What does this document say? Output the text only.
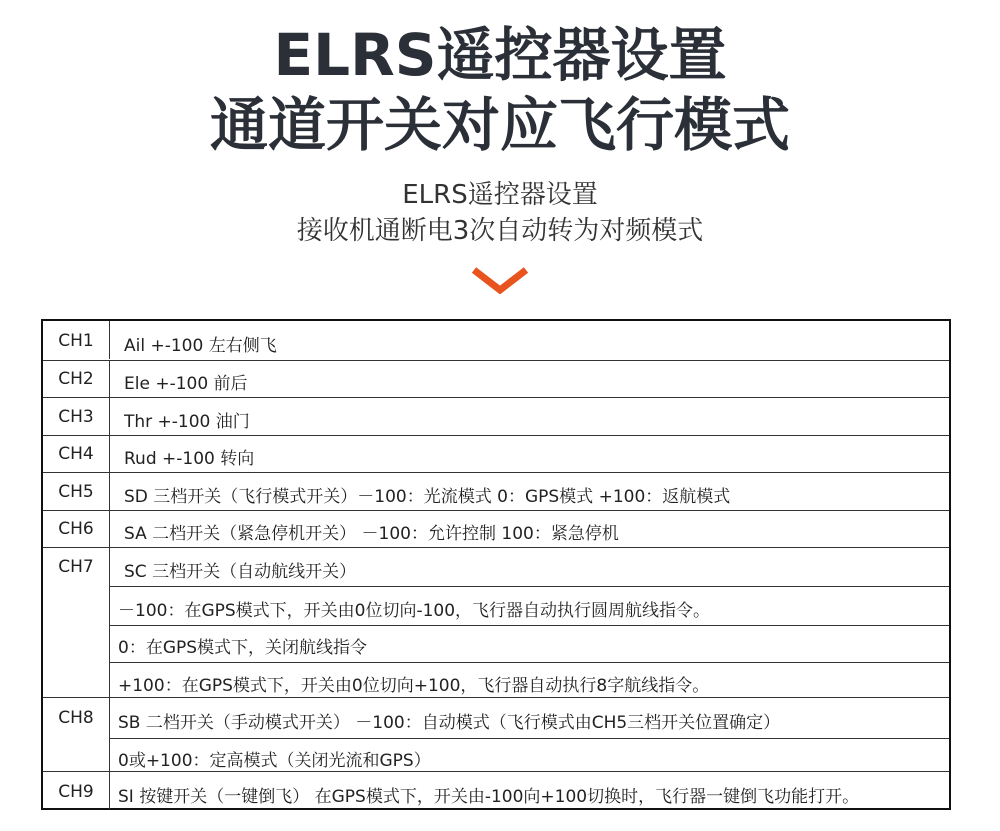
ELRS遥控器设置
通道开关对应飞行模式
ELRS遥控器设置
接收机通断电3次自动转为对频模式
CH1	Ail +-100 左右侧飞
CH2	Ele +-100 前后
CH3	Thr +-100 油门
CH4	Rud +-100 转向
CH5	SD 三档开关（飞行模式开关）－100：光流模式 0：GPS模式 +100：返航模式
CH6	SA 二档开关（紧急停机开关） －100：允许控制 100：紧急停机
CH7	SC 三档开关（自动航线开关）
－100：在GPS模式下，开关由0位切向-100，飞行器自动执行圆周航线指令。
0：在GPS模式下，关闭航线指令
+100：在GPS模式下，开关由0位切向+100，飞行器自动执行8字航线指令。
CH8	SB 二档开关（手动模式开关） －100：自动模式（飞行模式由CH5三档开关位置确定）
0或+100：定高模式（关闭光流和GPS）
CH9	SI 按键开关（一键倒飞） 在GPS模式下，开关由-100向+100切换时，飞行器一键倒飞功能打开。
